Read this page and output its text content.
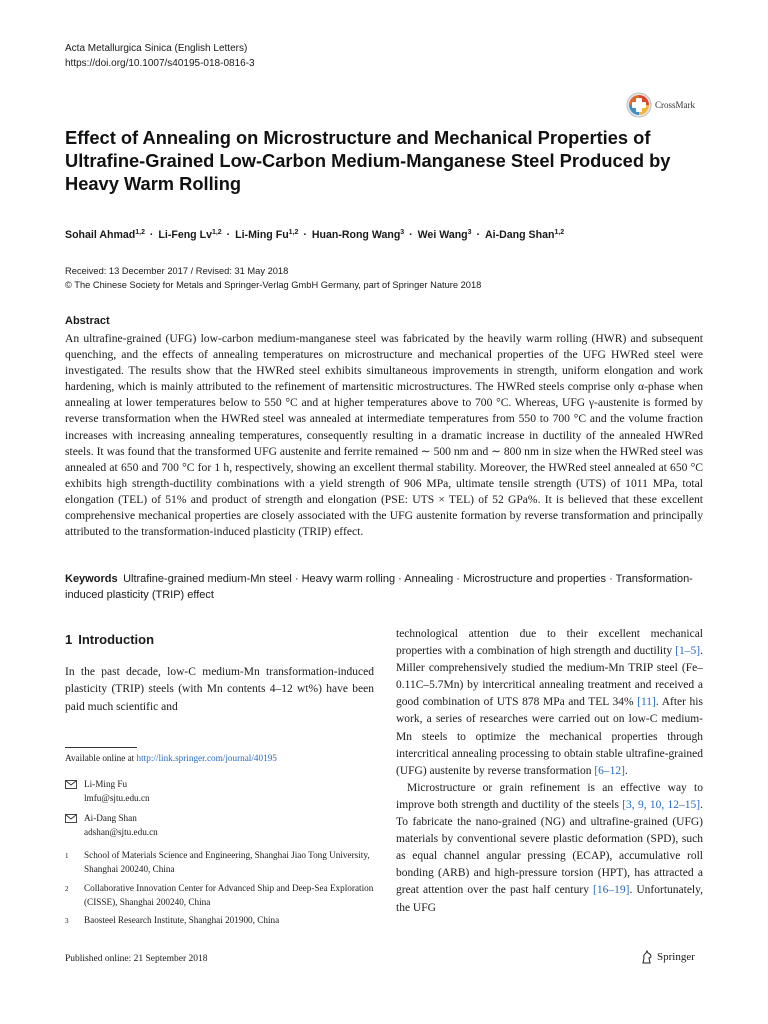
Acta Metallurgica Sinica (English Letters)
https://doi.org/10.1007/s40195-018-0816-3
CrossMark
Effect of Annealing on Microstructure and Mechanical Properties of Ultrafine-Grained Low-Carbon Medium-Manganese Steel Produced by Heavy Warm Rolling
Sohail Ahmad$^{1,2}$ · Li-Feng Lv$^{1,2}$ · Li-Ming Fu$^{1,2}$ · Huan-Rong Wang$^3$ · Wei Wang$^3$ · Ai-Dang Shan$^{1,2}$
Received: 13 December 2017 / Revised: 31 May 2018
© The Chinese Society for Metals and Springer-Verlag GmbH Germany, part of Springer Nature 2018
Abstract

An ultrafine-grained (UFG) low-carbon medium-manganese steel was fabricated by the heavily warm rolling (HWR) and subsequent quenching, and the effects of annealing temperatures on microstructure and mechanical properties of the UFG HWRed steel were investigated. The results show that the HWRed steel exhibits simultaneous improvements in strength, uniform elongation and work hardening, which is mainly attributed to the refinement of martensitic microstructures. The HWRed steels comprise only α-phase when annealing at lower temperatures below to 550 °C and at higher temperatures above to 700 °C. Whereas, UFG γ-austenite is formed by reverse transformation when the HWRed steel was annealed at intermediate temperatures from 550 to 700 °C and the volume fraction increases with increasing annealing temperatures, consequently resulting in a dramatic increase in ductility of the annealed HWRed steels. It was found that the transformed UFG austenite and ferrite remained ∼ 500 nm and ∼ 800 nm in size when the HWRed steel was annealed at 650 and 700 °C for 1 h, respectively, showing an excellent thermal stability. Moreover, the HWRed steel annealed at 650 °C exhibits high strength-ductility combinations with a yield strength of 906 MPa, ultimate tensile strength (UTS) of 1011 MPa, total elongation (TEL) of 51% and product of strength and elongation (PSE: UTS × TEL) of 52 GPa%. It is believed that these excellent comprehensive mechanical properties are closely associated with the UFG austenite formation by reverse transformation and principally attributed to the transformation-induced plasticity (TRIP) effect.

Keywords Ultrafine-grained medium-Mn steel · Heavy warm rolling · Annealing · Microstructure and properties · Transformation-induced plasticity (TRIP) effect
1 Introduction

In the past decade, low-C medium-Mn transformation-induced plasticity (TRIP) steels (with Mn contents 4–12 wt%) have been paid much scientific and

Available online at http://link.springer.com/journal/40195
Li-Ming Fu
lmfu@sjtu.edu.cn
Ai-Dang Shan
adshan@sjtu.edu.cn
1	School of Materials Science and Engineering, Shanghai Jiao Tong University, Shanghai 200240, China
2	Collaborative Innovation Center for Advanced Ship and Deep-Sea Exploration (CISSE), Shanghai 200240, China
3	Baosteel Research Institute, Shanghai 201900, China

technological attention due to their excellent mechanical properties with a combination of high strength and ductility [1–5]. Miller comprehensively studied the medium-Mn TRIP steel (Fe–0.11C–5.7Mn) by intercritical annealing treatment and received a good combination of UTS 878 MPa and TEL 34% [11]. After his work, a series of researches were carried out on low-C medium-Mn steels to optimize the mechanical properties through intercritical annealing processing to obtain stable ultrafine-grained (UFG) austenite by reverse transformation [6–12].

Microstructure or grain refinement is an effective way to improve both strength and ductility of the steels [3, 9, 10, 12–15]. To fabricate the nano-grained (NG) and ultrafine-grained (UFG) materials by conventional severe plastic deformation (SPD), such as equal channel angular pressing (ECAP), accumulative roll bonding (ARB) and high-pressure torsion (HPT), has attracted a great attention over the past half century [16–19]. Unfortunately, the UFG

Published online: 21 September 2018	Springer
